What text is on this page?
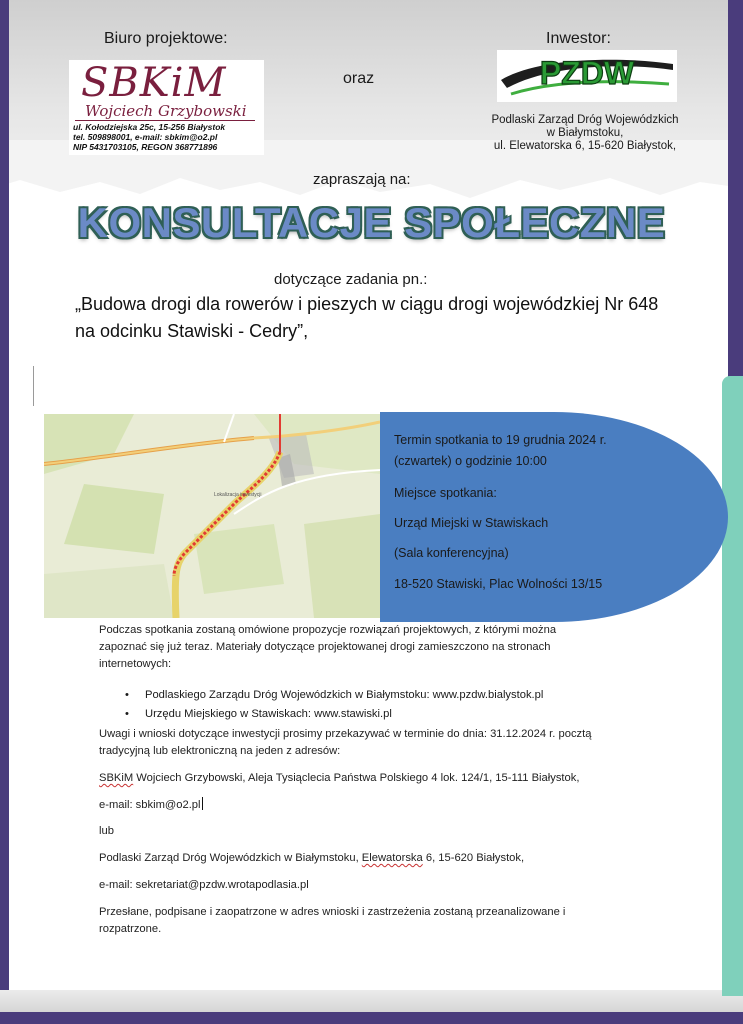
Biuro projektowe:	Inwestor:
oraz
SBKiM
Wojciech Grzybowski
ul. Kołodziejska 25c, 15-256 Białystok
tel. 509898001, e-mail: sbkim@o2.pl
NIP 5431703105, REGON 368771896
PZDW
Podlaski Zarząd Dróg Wojewódzkich
w Białymstoku,
ul. Elewatorska 6, 15-620 Białystok,
zapraszają na:
KONSULTACJE SPOŁECZNE
dotyczące zadania pn.:
„Budowa drogi dla rowerów i pieszych w ciągu drogi wojewódzkiej Nr 648
na odcinku Stawiski - Cedry”,
Lokalizacja inwestycji
Termin spotkania to 19 grudnia 2024 r.
(czwartek) o godzinie 10:00
Miejsce spotkania:
Urząd Miejski w Stawiskach
(Sala konferencyjna)
18-520 Stawiski, Plac Wolności 13/15
Podczas spotkania zostaną omówione propozycje rozwiązań projektowych, z którymi można
zapoznać się już teraz. Materiały dotyczące projektowanej drogi zamieszczono na stronach
internetowych:
• Podlaskiego Zarządu Dróg Wojewódzkich w Białymstoku: www.pzdw.bialystok.pl
• Urzędu Miejskiego w Stawiskach: www.stawiski.pl
Uwagi i wnioski dotyczące inwestycji prosimy przekazywać w terminie do dnia: 31.12.2024 r. pocztą
tradycyjną lub elektroniczną na jeden z adresów:
SBKiM Wojciech Grzybowski, Aleja Tysiąclecia Państwa Polskiego 4 lok. 124/1, 15-111 Białystok,
e-mail: sbkim@o2.pl
lub
Podlaski Zarząd Dróg Wojewódzkich w Białymstoku, Elewatorska 6, 15-620 Białystok,
e-mail: sekretariat@pzdw.wrotapodlasia.pl
Przesłane, podpisane i zaopatrzone w adres wnioski i zastrzeżenia zostaną przeanalizowane i
rozpatrzone.
